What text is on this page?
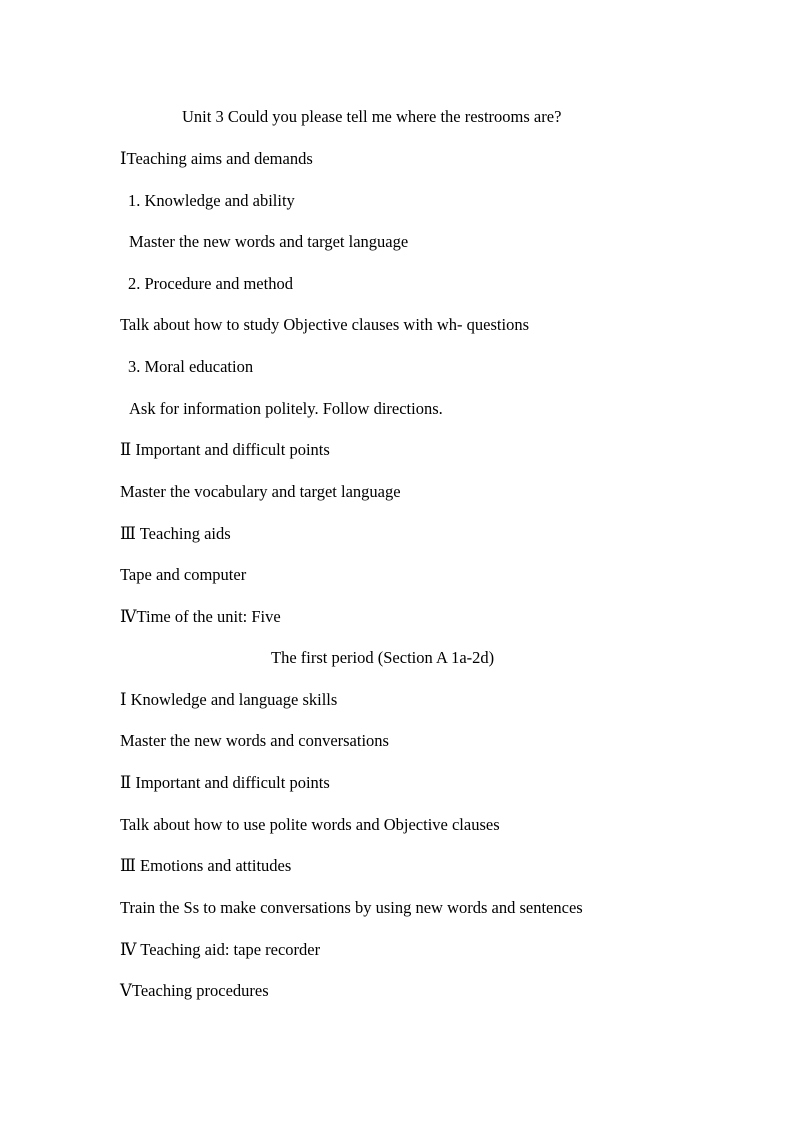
Unit 3 Could you please tell me where the restrooms are?
ⅠTeaching aims and demands
1. Knowledge and ability
Master the new words and target language
2. Procedure and method
Talk about how to study Objective clauses with wh- questions
3. Moral education
Ask for information politely. Follow directions.
Ⅱ Important and difficult points
Master the vocabulary and target language
Ⅲ Teaching aids
Tape and computer
ⅣTime of the unit: Five
The first period (Section A 1a-2d)
Ⅰ Knowledge and language skills
Master the new words and conversations
Ⅱ Important and difficult points
Talk about how to use polite words and Objective clauses
Ⅲ Emotions and attitudes
Train the Ss to make conversations by using new words and sentences
Ⅳ Teaching aid: tape recorder
ⅤTeaching procedures
